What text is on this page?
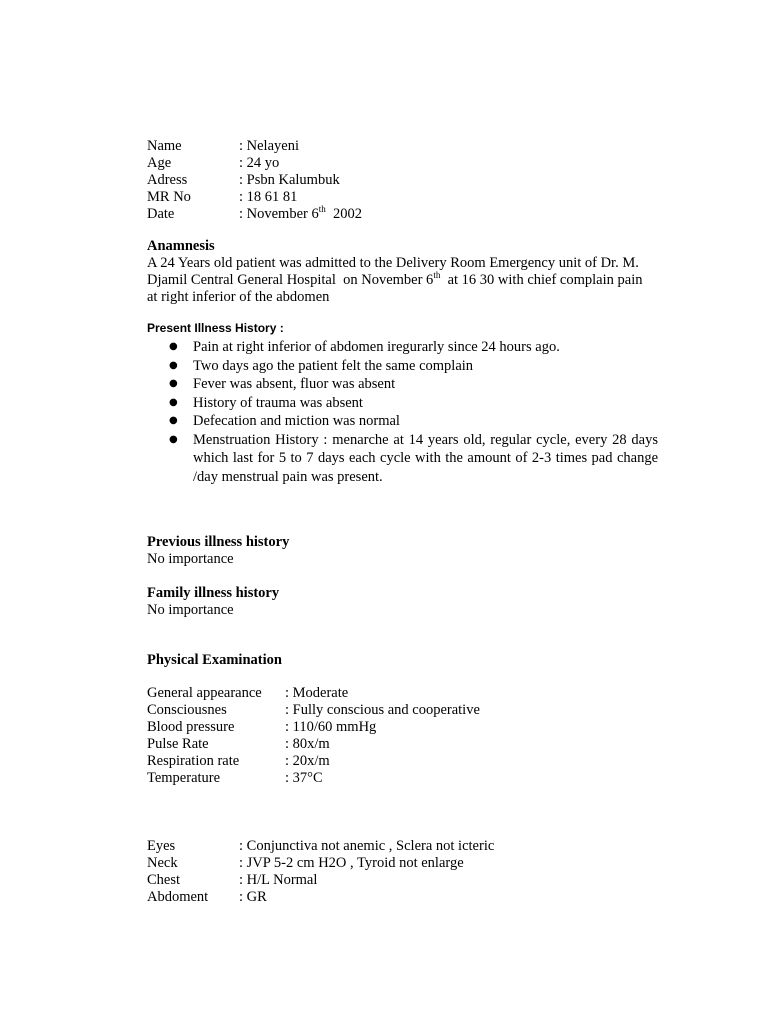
Name	: Nelayeni
Age	: 24 yo
Adress	: Psbn Kalumbuk
MR No	: 18 61 81
Date	: November 6th  2002
Anamnesis

A 24 Years old patient was admitted to the Delivery Room Emergency unit of Dr. M. Djamil Central General Hospital  on November 6th  at 16 30 with chief complain pain  at right inferior of the abdomen

Present Illness History :
● Pain at right inferior of abdomen iregurarly since 24 hours ago.
● Two days ago the patient felt the same complain
● Fever was absent, fluor was absent
● History of trauma was absent
● Defecation and miction was normal
● Menstruation History : menarche at 14 years old, regular cycle, every 28 days which last for 5 to 7 days each cycle with the amount of 2-3 times pad change /day menstrual pain was present.
Previous illness history
No importance
Family illness history
No importance
Physical Examination
General appearance : Moderate
Consciousnes	: Fully conscious and cooperative
Blood pressure	: 110/60 mmHg
Pulse Rate	: 80x/m
Respiration rate	: 20x/m
Temperature	: 37°C
Eyes	: Conjunctiva not anemic , Sclera not icteric
Neck	: JVP 5-2 cm H2O , Tyroid not enlarge
Chest	: H/L Normal
Abdoment : GR
